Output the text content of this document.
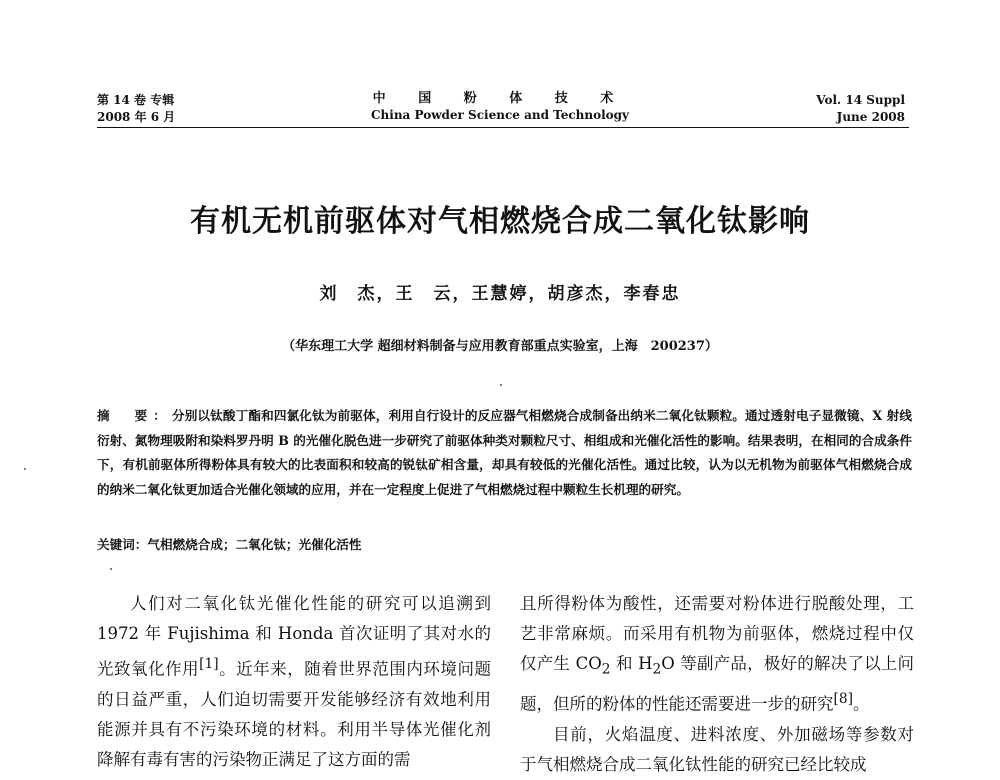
第 14 卷 专辑
2008 年 6 月
中 国 粉 体 技 术
China Powder Science and Technology
Vol. 14 Suppl
June 2008
有机无机前驱体对气相燃烧合成二氧化钛影响
刘　杰，王　云，王慧婷，胡彦杰，李春忠
（华东理工大学 超细材料制备与应用教育部重点实验室，上海　200237）
摘　要：分别以钛酸丁酯和四氯化钛为前驱体，利用自行设计的反应器气相燃烧合成制备出纳米二氧化钛颗粒。通过透射电子显微镜、X 射线衍射、氮物理吸附和染料罗丹明 B 的光催化脱色进一步研究了前驱体种类对颗粒尺寸、相组成和光催化活性的影响。结果表明，在相同的合成条件下，有机前驱体所得粉体具有较大的比表面积和较高的锐钛矿相含量，却具有较低的光催化活性。通过比较，认为以无机物为前驱体气相燃烧合成的纳米二氧化钛更加适合光催化领域的应用，并在一定程度上促进了气相燃烧过程中颗粒生长机理的研究。
关键词：气相燃烧合成；二氧化钛；光催化活性

人们对二氧化钛光催化性能的研究可以追溯到 1972 年 Fujishima 和 Honda 首次证明了其对水的光致氧化作用[1]。近年来，随着世界范围内环境问题的日益严重，人们迫切需要开发能够经济有效地利用能源并具有不污染环境的材料。利用半导体光催化剂降解有毒有害的污染物正满足了这方面的需

且所得粉体为酸性，还需要对粉体进行脱酸处理，工艺非常麻烦。而采用有机物为前驱体，燃烧过程中仅仅产生 $CO_2$ 和 $H_2O$ 等副产品，极好的解决了以上问题，但所的粉体的性能还需要进一步的研究[8]。

目前，火焰温度、进料浓度、外加磁场等参数对于气相燃烧合成二氧化钛性能的研究已经比较成
